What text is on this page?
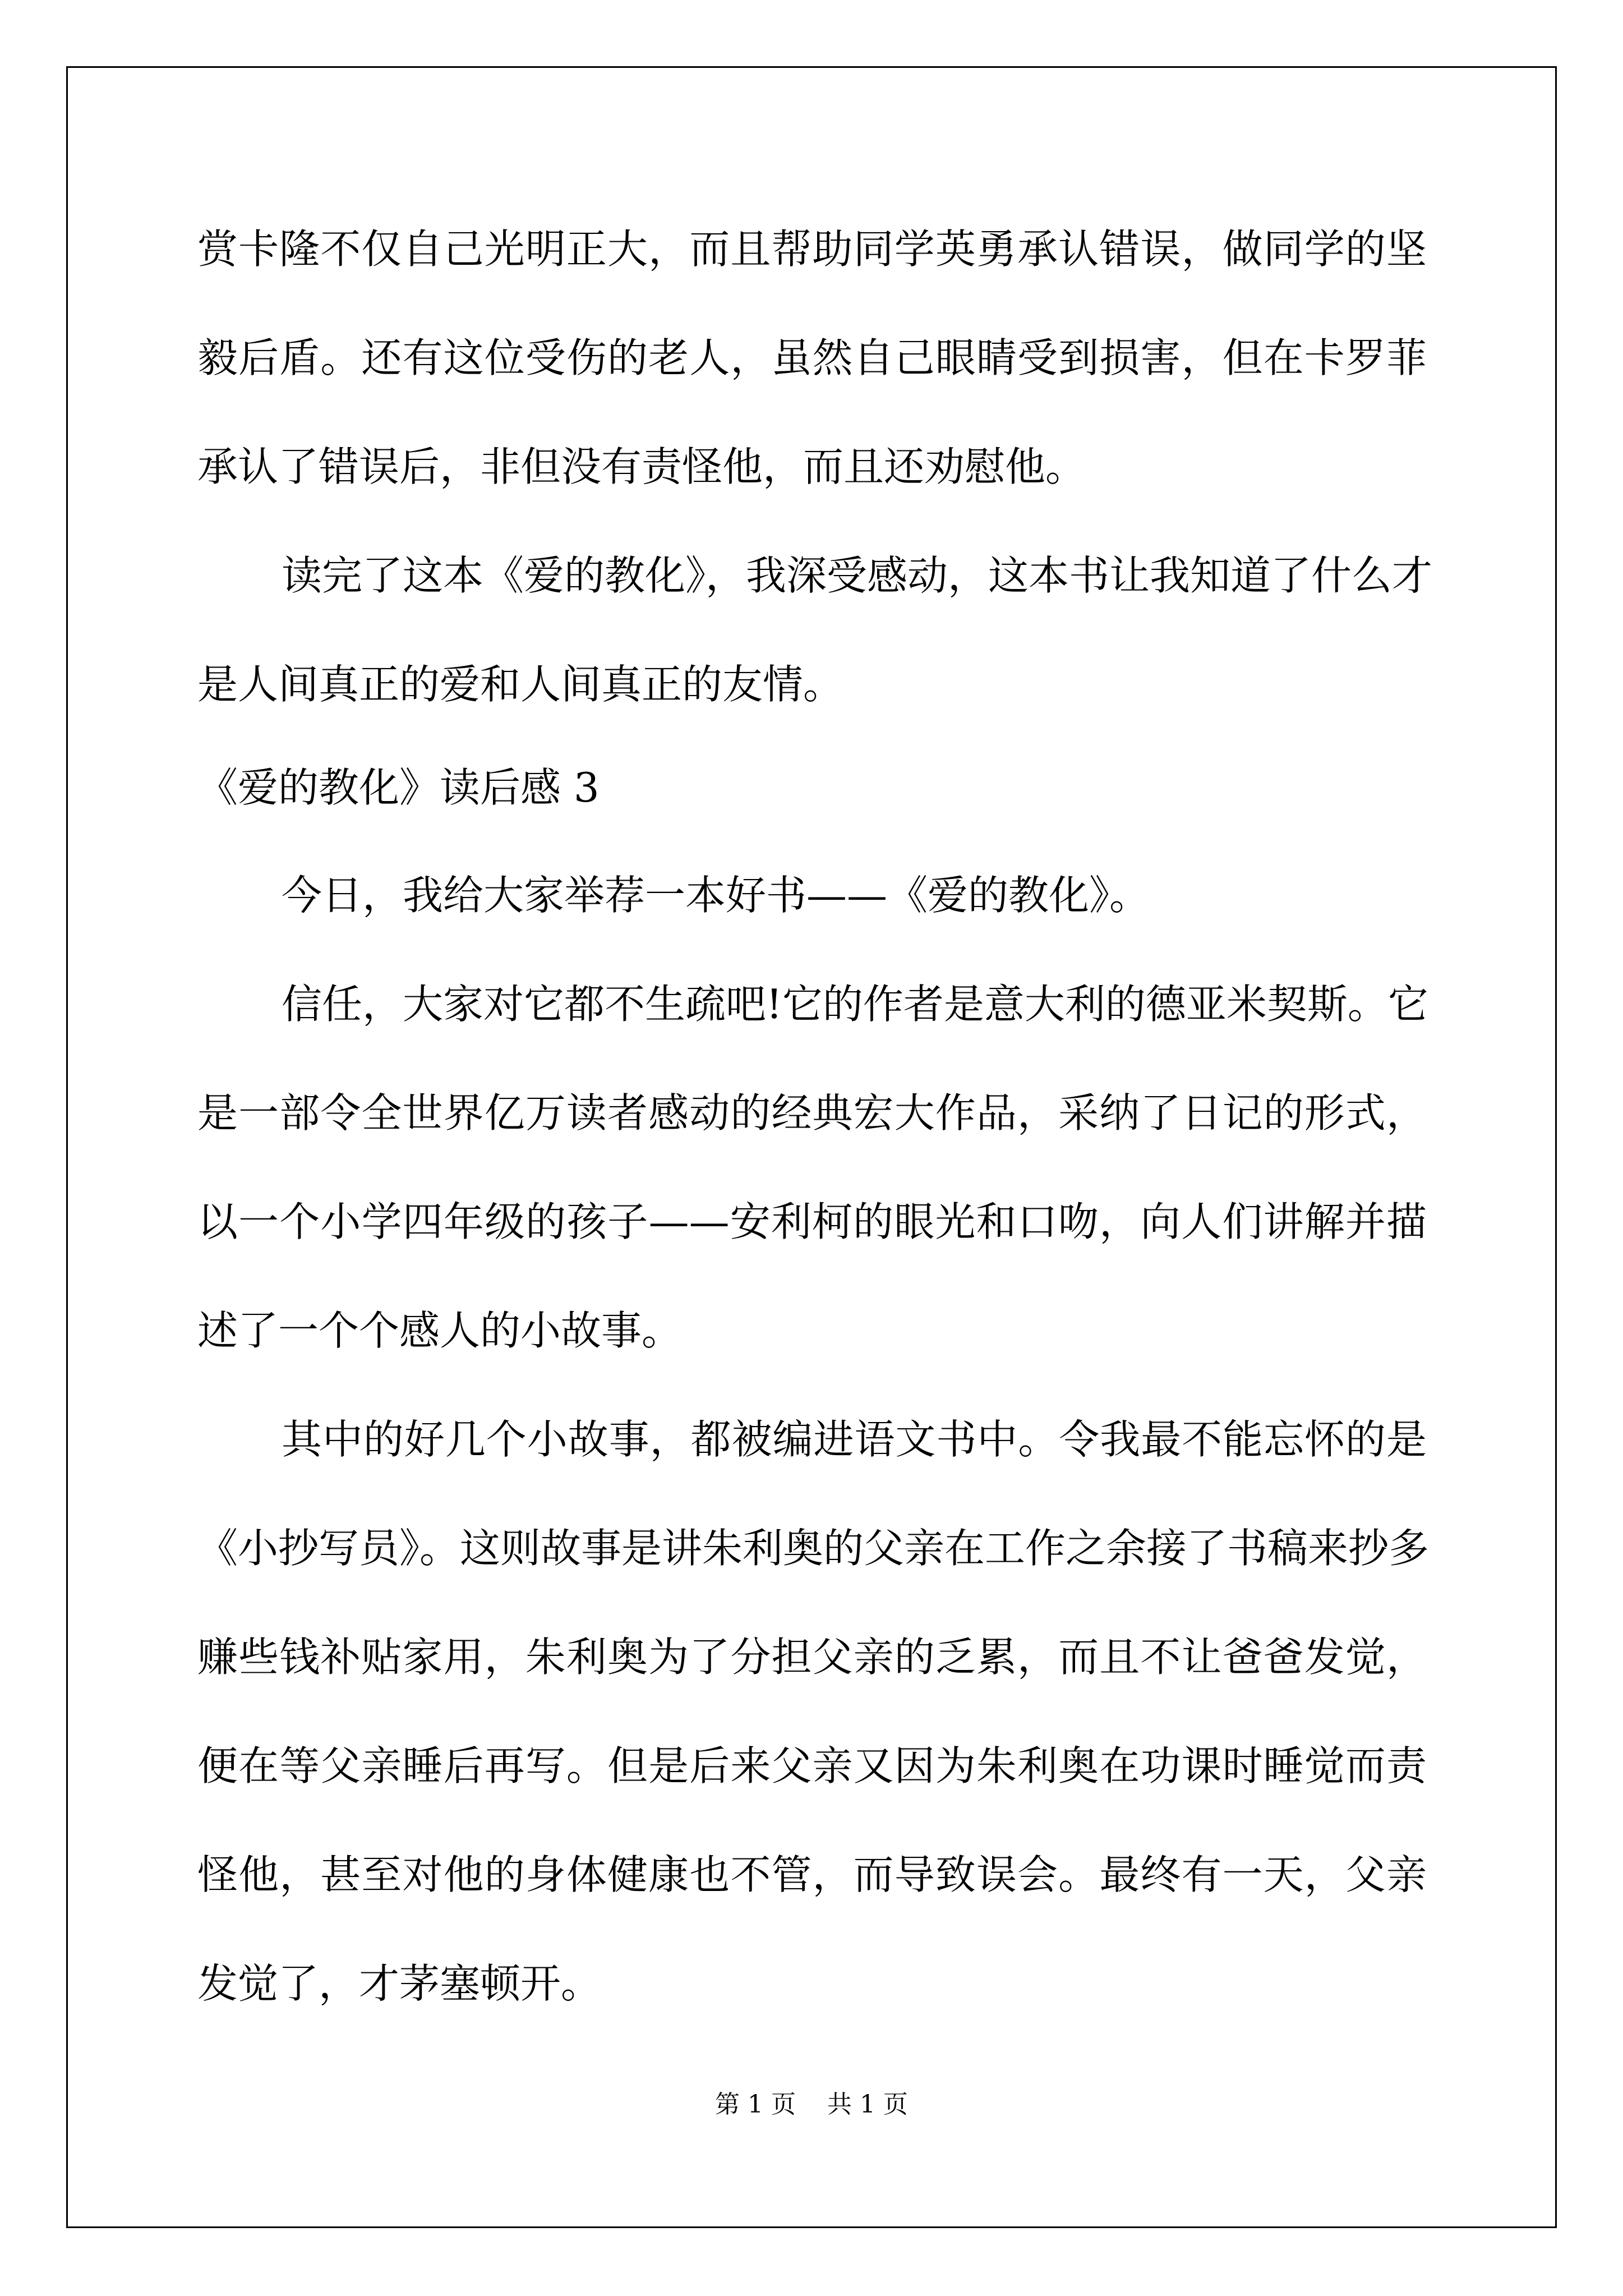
赏卡隆不仅自己光明正大，而且帮助同学英勇承认错误，做同学的坚
毅后盾。还有这位受伤的老人，虽然自己眼睛受到损害，但在卡罗菲
承认了错误后，非但没有责怪他，而且还劝慰他。
读完了这本《爱的教化》，我深受感动，这本书让我知道了什么才
是人间真正的爱和人间真正的友情。
《爱的教化》读后感 3
今日，我给大家举荐一本好书——《爱的教化》。
信任，大家对它都不生疏吧!它的作者是意大利的德亚米契斯。它
是一部令全世界亿万读者感动的经典宏大作品，采纳了日记的形式，
以一个小学四年级的孩子——安利柯的眼光和口吻，向人们讲解并描
述了一个个感人的小故事。
其中的好几个小故事，都被编进语文书中。令我最不能忘怀的是
《小抄写员》。这则故事是讲朱利奥的父亲在工作之余接了书稿来抄多
赚些钱补贴家用，朱利奥为了分担父亲的乏累，而且不让爸爸发觉，
便在等父亲睡后再写。但是后来父亲又因为朱利奥在功课时睡觉而责
怪他，甚至对他的身体健康也不管，而导致误会。最终有一天，父亲
发觉了，才茅塞顿开。
第 1 页    共 1 页
